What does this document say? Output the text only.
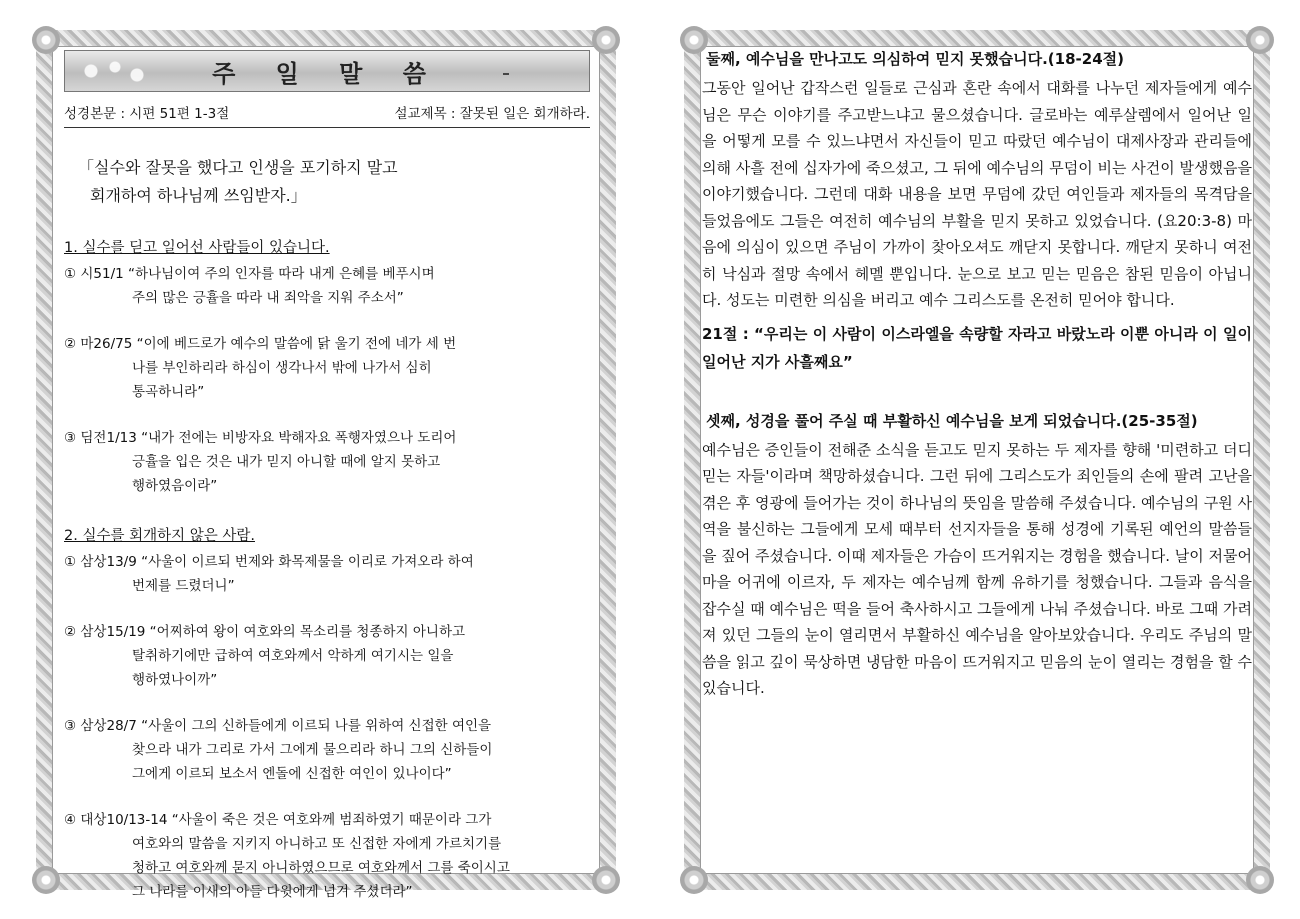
주 일 말 씀
성경본문 : 시편 51편 1-3절	설교제목 : 잘못된 일은 회개하라.
「실수와 잘못을 했다고 인생을 포기하지 말고
회개하여 하나님께 쓰임받자.」
1. 실수를 딛고 일어선 사람들이 있습니다.
① 시51/1 “하나님이여 주의 인자를 따라 내게 은혜를 베푸시며
주의 많은 긍휼을 따라 내 죄악을 지워 주소서”
② 마26/75 “이에 베드로가 예수의 말씀에 닭 울기 전에 네가 세 번
나를 부인하리라 하심이 생각나서 밖에 나가서 심히
통곡하니라”
③ 딤전1/13 “내가 전에는 비방자요 박해자요 폭행자였으나 도리어
긍휼을 입은 것은 내가 믿지 아니할 때에 알지 못하고
행하였음이라”
2. 실수를 회개하지 않은 사람.
① 삼상13/9 “사울이 이르되 번제와 화목제물을 이리로 가져오라 하여
번제를 드렸더니”
② 삼상15/19 “어찌하여 왕이 여호와의 목소리를 청종하지 아니하고
탈취하기에만 급하여 여호와께서 악하게 여기시는 일을
행하였나이까”
③ 삼상28/7 “사울이 그의 신하들에게 이르되 나를 위하여 신접한 여인을
찾으라 내가 그리로 가서 그에게 물으리라 하니 그의 신하들이
그에게 이르되 보소서 엔돌에 신접한 여인이 있나이다”
④ 대상10/13-14 “사울이 죽은 것은 여호와께 범죄하였기 때문이라 그가
여호와의 말씀을 지키지 아니하고 또 신접한 자에게 가르치기를
청하고 여호와께 묻지 아니하였으므로 여호와께서 그를 죽이시고
그 나라를 이새의 아들 다윗에게 넘겨 주셨더라”
둘째, 예수님을 만나고도 의심하여 믿지 못했습니다.(18-24절)
그동안 일어난 갑작스런 일들로 근심과 혼란 속에서 대화를 나누던 제자들에게 예수님은 무슨 이야기를 주고받느냐고 물으셨습니다. 글로바는 예루살렘에서 일어난 일을 어떻게 모를 수 있느냐면서 자신들이 믿고 따랐던 예수님이 대제사장과 관리들에 의해 사흘 전에 십자가에 죽으셨고, 그 뒤에 예수님의 무덤이 비는 사건이 발생했음을 이야기했습니다. 그런데 대화 내용을 보면 무덤에 갔던 여인들과 제자들의 목격담을 들었음에도 그들은 여전히 예수님의 부활을 믿지 못하고 있었습니다. (요20:3-8) 마음에 의심이 있으면 주님이 가까이 찾아오셔도 깨닫지 못합니다. 깨닫지 못하니 여전히 낙심과 절망 속에서 헤멜 뿐입니다. 눈으로 보고 믿는 믿음은 참된 믿음이 아닙니다. 성도는 미련한 의심을 버리고 예수 그리스도를 온전히 믿어야 합니다.
21절 : “우리는 이 사람이 이스라엘을 속량할 자라고 바랐노라 이뿐 아니라 이 일이 일어난 지가 사흘째요”
셋째, 성경을 풀어 주실 때 부활하신 예수님을 보게 되었습니다.(25-35절)
예수님은 증인들이 전해준 소식을 듣고도 믿지 못하는 두 제자를 향해 '미련하고 더디 믿는 자들'이라며 책망하셨습니다. 그런 뒤에 그리스도가 죄인들의 손에 팔려 고난을 겪은 후 영광에 들어가는 것이 하나님의 뜻임을 말씀해 주셨습니다. 예수님의 구원 사역을 불신하는 그들에게 모세 때부터 선지자들을 통해 성경에 기록된 예언의 말씀들을 짚어 주셨습니다. 이때 제자들은 가슴이 뜨거워지는 경험을 했습니다. 날이 저물어 마을 어귀에 이르자, 두 제자는 예수님께 함께 유하기를 청했습니다. 그들과 음식을 잡수실 때 예수님은 떡을 들어 축사하시고 그들에게 나눠 주셨습니다. 바로 그때 가려져 있던 그들의 눈이 열리면서 부활하신 예수님을 알아보았습니다. 우리도 주님의 말씀을 읽고 깊이 묵상하면 냉담한 마음이 뜨거워지고 믿음의 눈이 열리는 경험을 할 수 있습니다.
